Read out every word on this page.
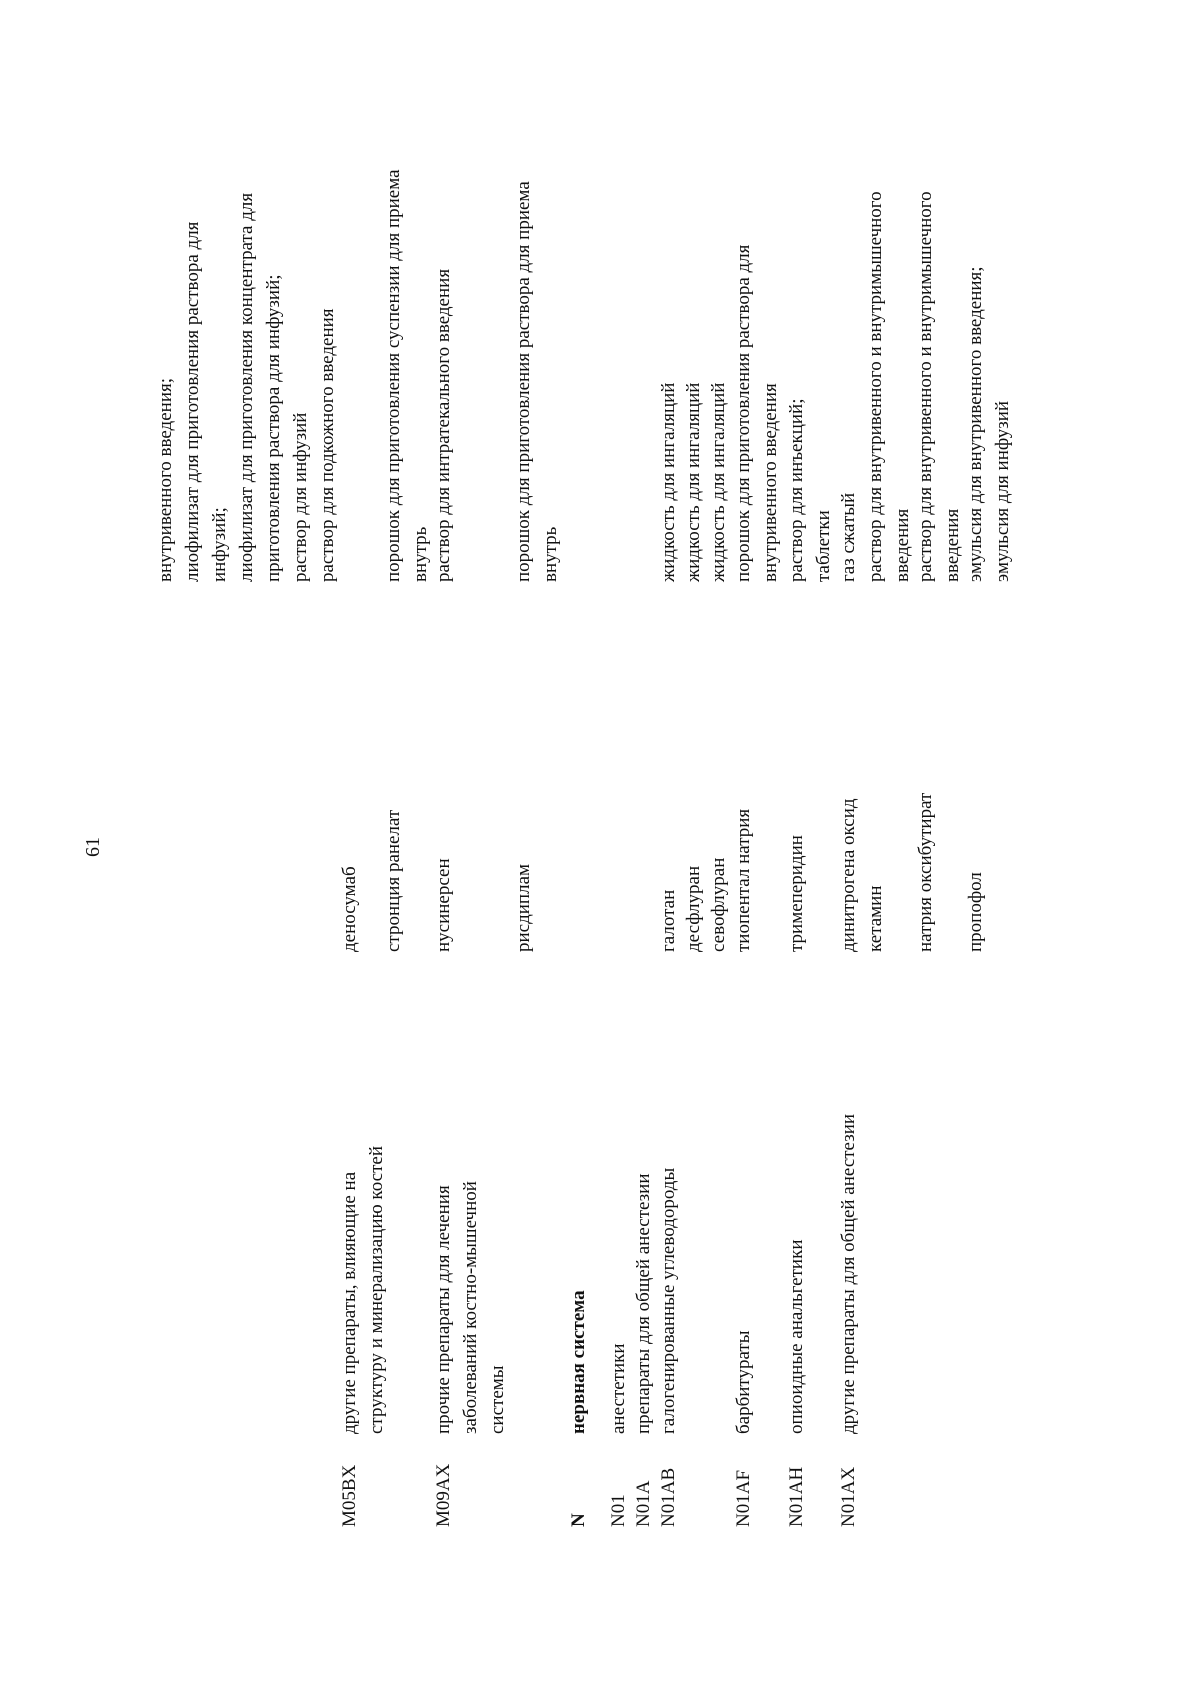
61
внутривенного введения; лиофилизат для приготовления раствора для инфузий; лиофилизат для приготовления концентрата для приготовления раствора для инфузий; раствор для инфузий раствор для подкожного введения
M05BX
другие препараты, влияющие на структуру и минерализацию костей
деносумаб стронция ранелат
порошок для приготовления суспензии для приема внутрь
M09AX
прочие препараты для лечения заболеваний костно-мышечной системы
нусинерсен
раствор для интратекального введения
рисдиплам
порошок для приготовления раствора для приема внутрь
N
нервная система
N01
анестетики
N01A
препараты для общей анестезии
N01AB
галогенированные углеводороды
галотан десфлуран севофлуран
жидкость для ингаляций жидкость для ингаляций жидкость для ингаляций
N01AF
барбитураты
тиопентал натрия
порошок для приготовления раствора для внутривенного введения
N01AH
опиоидные анальгетики
тримеперидин
раствор для инъекций; таблетки
N01AX
другие препараты для общей анестезии
динитрогена оксид кетамин
газ сжатый раствор для внутривенного и внутримышечного введения
натрия оксибутират
раствор для внутривенного и внутримышечного введения
пропофол
эмульсия для внутривенного введения; эмульсия для инфузий
